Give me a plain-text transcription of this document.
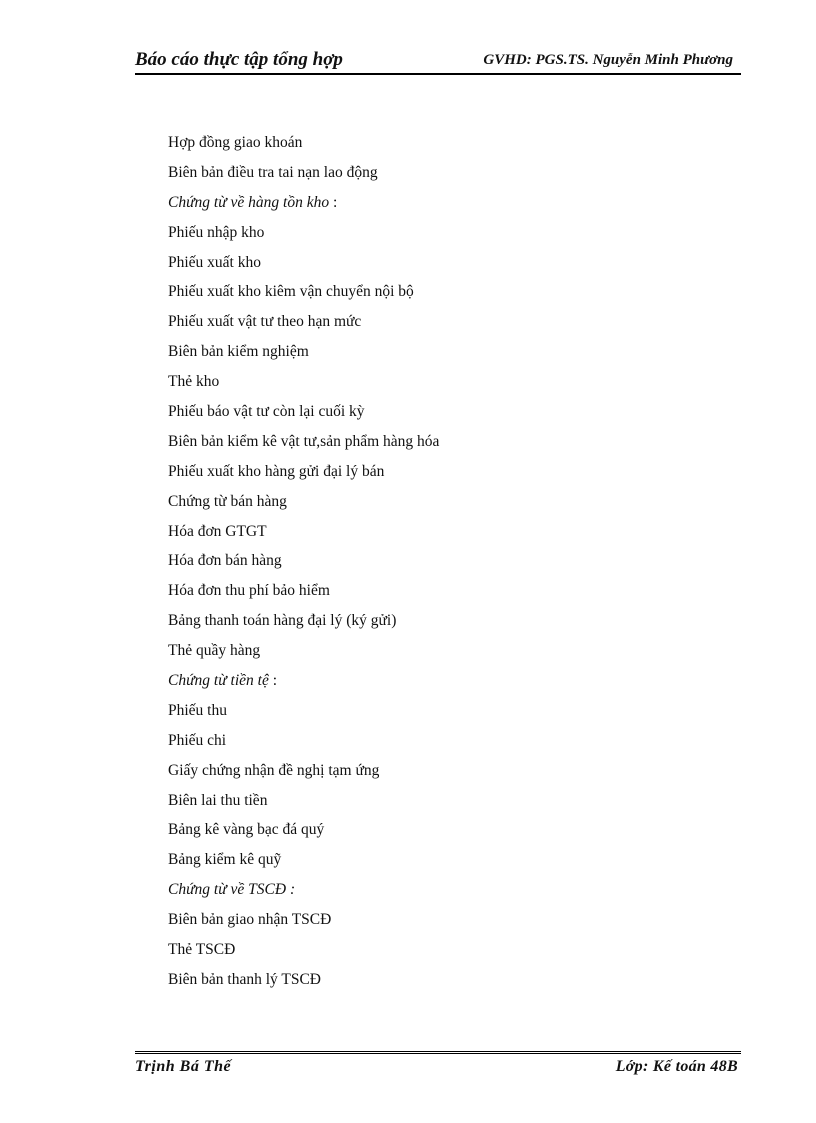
Báo cáo thực tập tổng hợp	GVHD: PGS.TS. Nguyễn Minh Phương
Hợp đồng giao khoán
Biên bản điều tra tai nạn lao động
Chứng từ về hàng tồn kho :
Phiếu nhập kho
Phiếu xuất kho
Phiếu xuất kho kiêm vận chuyển nội bộ
Phiếu xuất vật tư theo hạn mức
Biên bản kiểm nghiệm
Thẻ kho
Phiếu báo vật tư còn lại cuối kỳ
Biên bản kiểm kê vật tư,sản phẩm hàng hóa
Phiếu xuất kho hàng gửi đại lý bán
Chứng từ bán hàng
Hóa đơn GTGT
Hóa đơn bán hàng
Hóa đơn thu phí bảo hiểm
Bảng thanh toán hàng đại lý (ký gửi)
Thẻ quầy hàng
Chứng từ tiền tệ :
Phiếu thu
Phiếu chi
Giấy chứng nhận đề nghị tạm ứng
Biên lai thu tiền
Bảng kê vàng bạc đá quý
Bảng kiểm kê quỹ
Chứng từ về TSCĐ :
Biên bản giao nhận TSCĐ
Thẻ TSCĐ
Biên bản thanh lý TSCĐ
Trịnh Bá Thế	Lớp: Kế toán 48B
